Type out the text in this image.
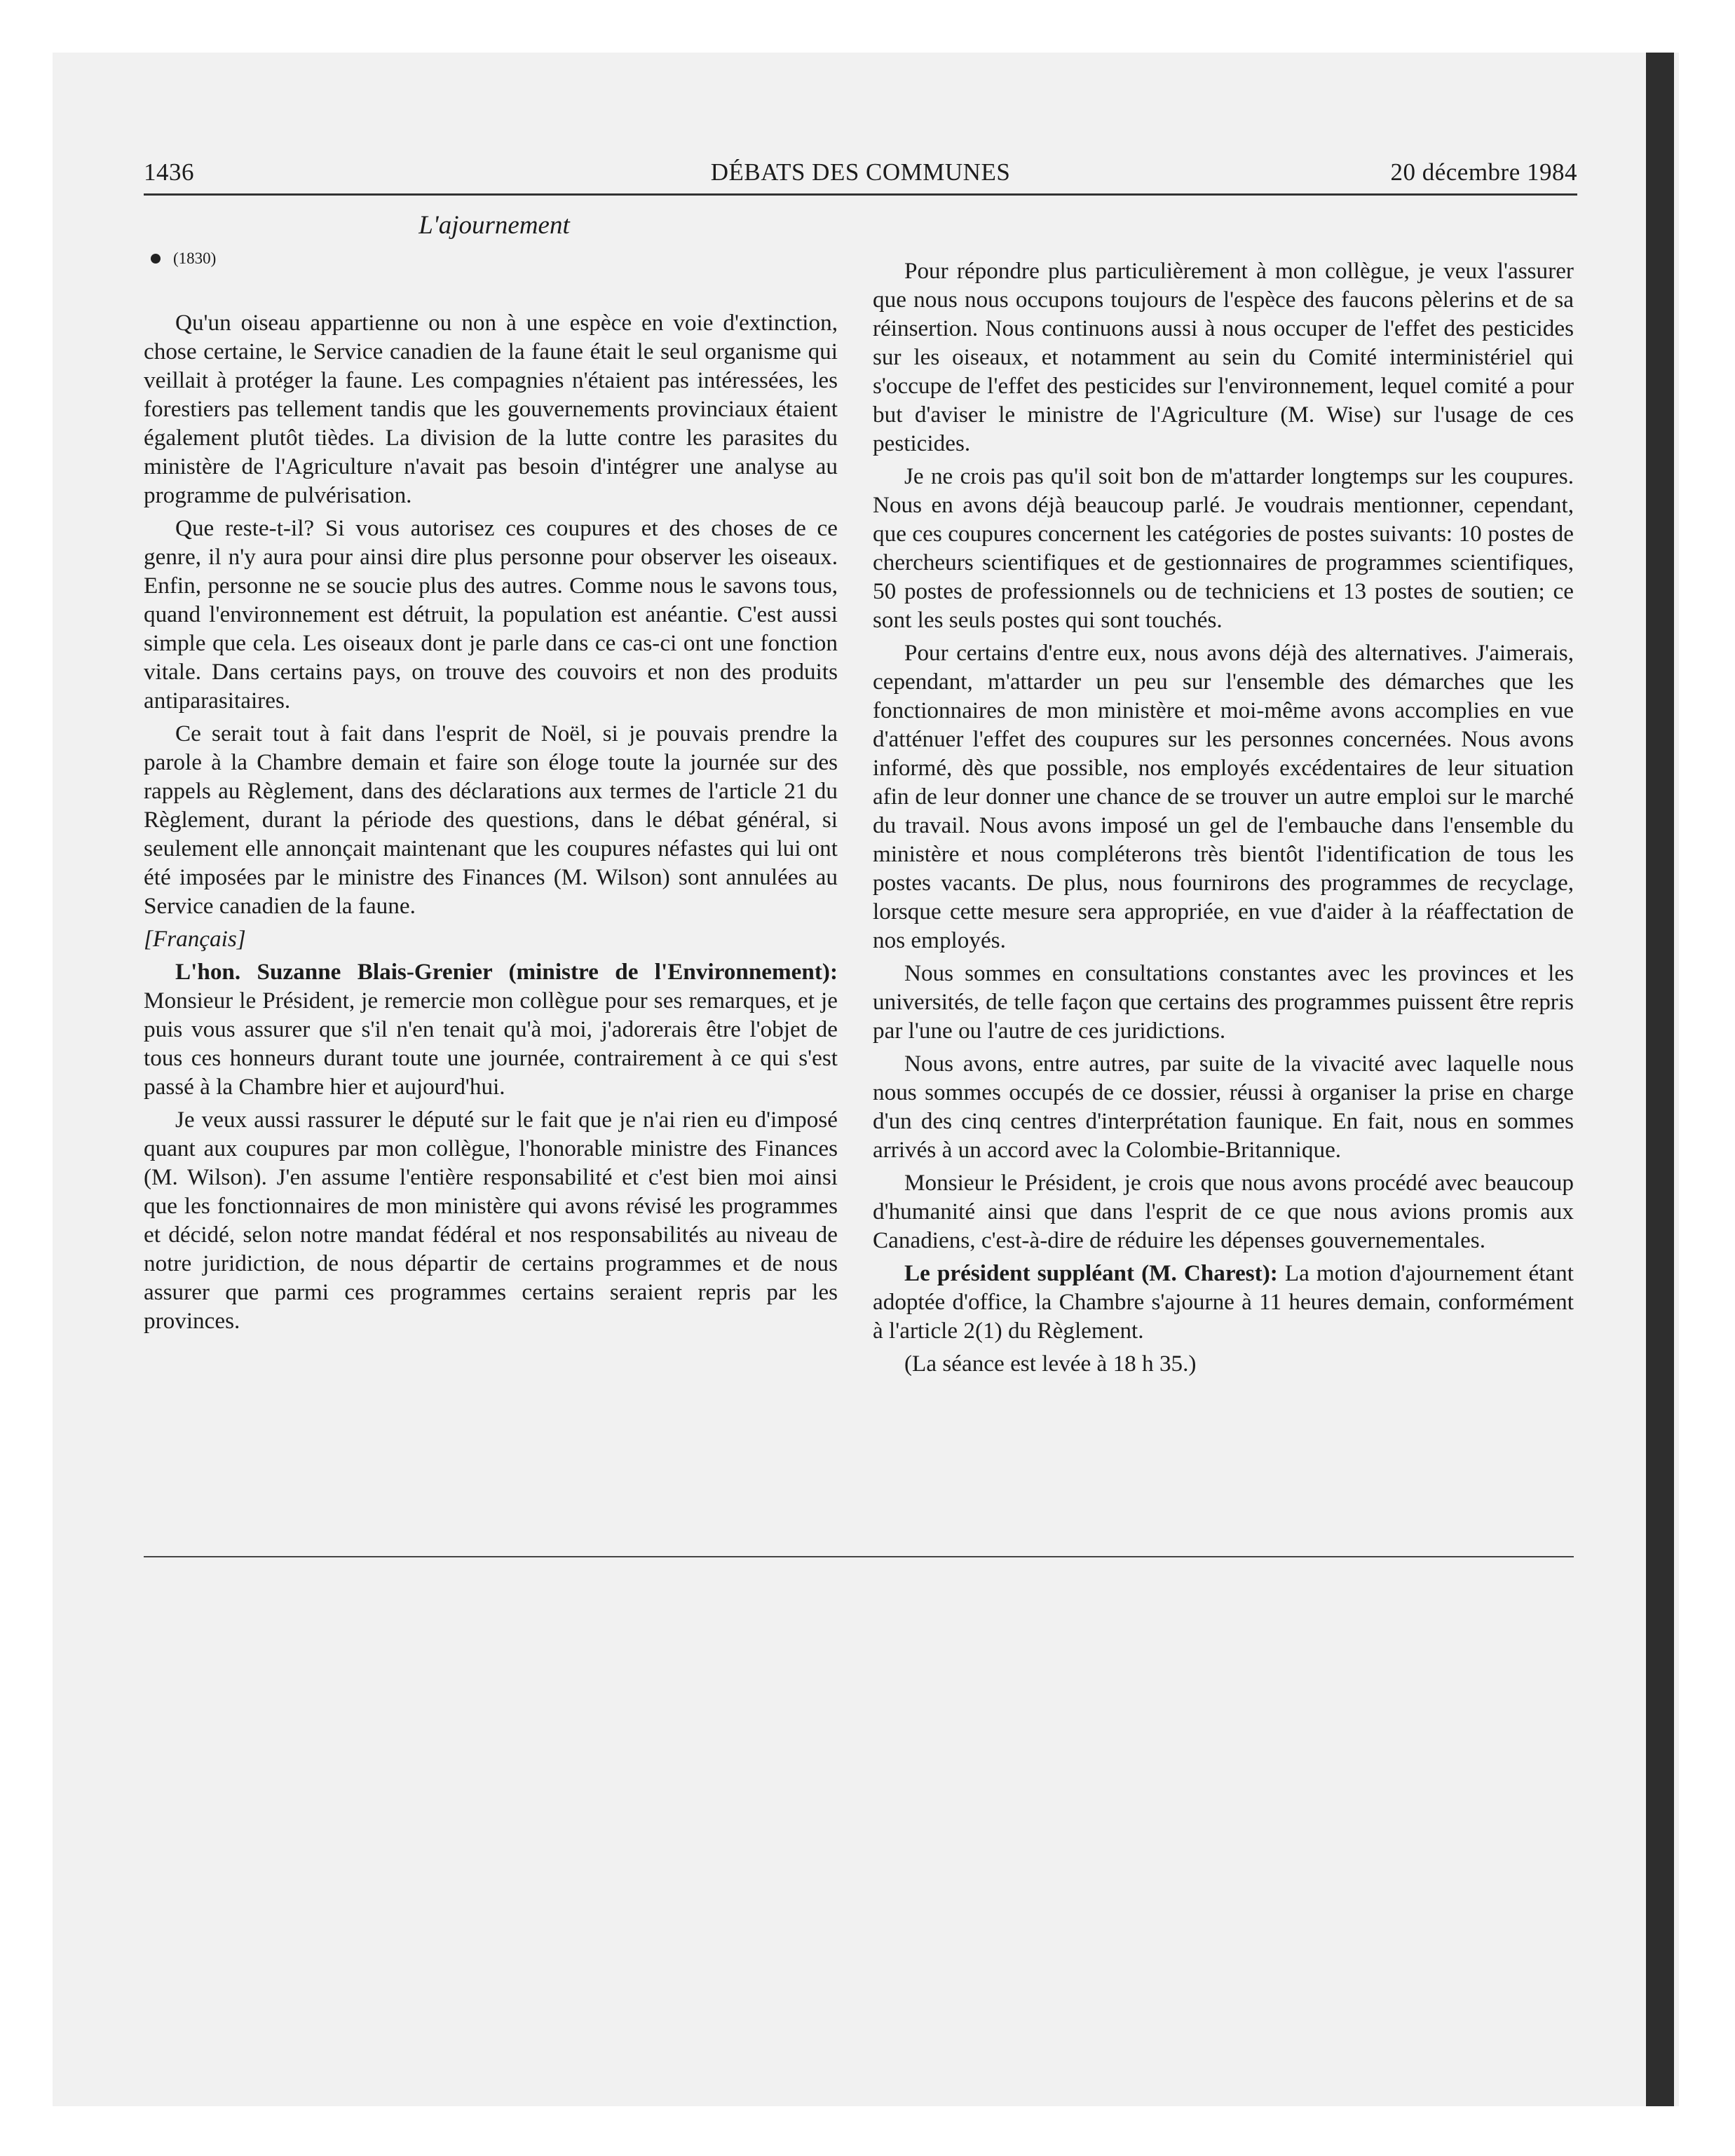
1436	DÉBATS DES COMMUNES	20 décembre 1984
L'ajournement
(1830)

Qu'un oiseau appartienne ou non à une espèce en voie d'extinction, chose certaine, le Service canadien de la faune était le seul organisme qui veillait à protéger la faune. Les compagnies n'étaient pas intéressées, les forestiers pas tellement tandis que les gouvernements provinciaux étaient également plutôt tièdes. La division de la lutte contre les parasites du ministère de l'Agriculture n'avait pas besoin d'intégrer une analyse au programme de pulvérisation.

Que reste-t-il? Si vous autorisez ces coupures et des choses de ce genre, il n'y aura pour ainsi dire plus personne pour observer les oiseaux. Enfin, personne ne se soucie plus des autres. Comme nous le savons tous, quand l'environnement est détruit, la population est anéantie. C'est aussi simple que cela. Les oiseaux dont je parle dans ce cas-ci ont une fonction vitale. Dans certains pays, on trouve des couvoirs et non des produits antiparasitaires.

Ce serait tout à fait dans l'esprit de Noël, si je pouvais prendre la parole à la Chambre demain et faire son éloge toute la journée sur des rappels au Règlement, dans des déclarations aux termes de l'article 21 du Règlement, durant la période des questions, dans le débat général, si seulement elle annonçait maintenant que les coupures néfastes qui lui ont été imposées par le ministre des Finances (M. Wilson) sont annulées au Service canadien de la faune.

[Français]

L'hon. Suzanne Blais-Grenier (ministre de l'Environnement): Monsieur le Président, je remercie mon collègue pour ses remarques, et je puis vous assurer que s'il n'en tenait qu'à moi, j'adorerais être l'objet de tous ces honneurs durant toute une journée, contrairement à ce qui s'est passé à la Chambre hier et aujourd'hui.

Je veux aussi rassurer le député sur le fait que je n'ai rien eu d'imposé quant aux coupures par mon collègue, l'honorable ministre des Finances (M. Wilson). J'en assume l'entière responsabilité et c'est bien moi ainsi que les fonctionnaires de mon ministère qui avons révisé les programmes et décidé, selon notre mandat fédéral et nos responsabilités au niveau de notre juridiction, de nous départir de certains programmes et de nous assurer que parmi ces programmes certains seraient repris par les provinces.

Pour répondre plus particulièrement à mon collègue, je veux l'assurer que nous nous occupons toujours de l'espèce des faucons pèlerins et de sa réinsertion. Nous continuons aussi à nous occuper de l'effet des pesticides sur les oiseaux, et notamment au sein du Comité interministériel qui s'occupe de l'effet des pesticides sur l'environnement, lequel comité a pour but d'aviser le ministre de l'Agriculture (M. Wise) sur l'usage de ces pesticides.

Je ne crois pas qu'il soit bon de m'attarder longtemps sur les coupures. Nous en avons déjà beaucoup parlé. Je voudrais mentionner, cependant, que ces coupures concernent les catégories de postes suivants: 10 postes de chercheurs scientifiques et de gestionnaires de programmes scientifiques, 50 postes de professionnels ou de techniciens et 13 postes de soutien; ce sont les seuls postes qui sont touchés.

Pour certains d'entre eux, nous avons déjà des alternatives. J'aimerais, cependant, m'attarder un peu sur l'ensemble des démarches que les fonctionnaires de mon ministère et moi-même avons accomplies en vue d'atténuer l'effet des coupures sur les personnes concernées. Nous avons informé, dès que possible, nos employés excédentaires de leur situation afin de leur donner une chance de se trouver un autre emploi sur le marché du travail. Nous avons imposé un gel de l'embauche dans l'ensemble du ministère et nous compléterons très bientôt l'identification de tous les postes vacants. De plus, nous fournirons des programmes de recyclage, lorsque cette mesure sera appropriée, en vue d'aider à la réaffectation de nos employés.

Nous sommes en consultations constantes avec les provinces et les universités, de telle façon que certains des programmes puissent être repris par l'une ou l'autre de ces juridictions.

Nous avons, entre autres, par suite de la vivacité avec laquelle nous nous sommes occupés de ce dossier, réussi à organiser la prise en charge d'un des cinq centres d'interprétation faunique. En fait, nous en sommes arrivés à un accord avec la Colombie-Britannique.

Monsieur le Président, je crois que nous avons procédé avec beaucoup d'humanité ainsi que dans l'esprit de ce que nous avions promis aux Canadiens, c'est-à-dire de réduire les dépenses gouvernementales.

Le président suppléant (M. Charest): La motion d'ajournement étant adoptée d'office, la Chambre s'ajourne à 11 heures demain, conformément à l'article 2(1) du Règlement.

(La séance est levée à 18 h 35.)
